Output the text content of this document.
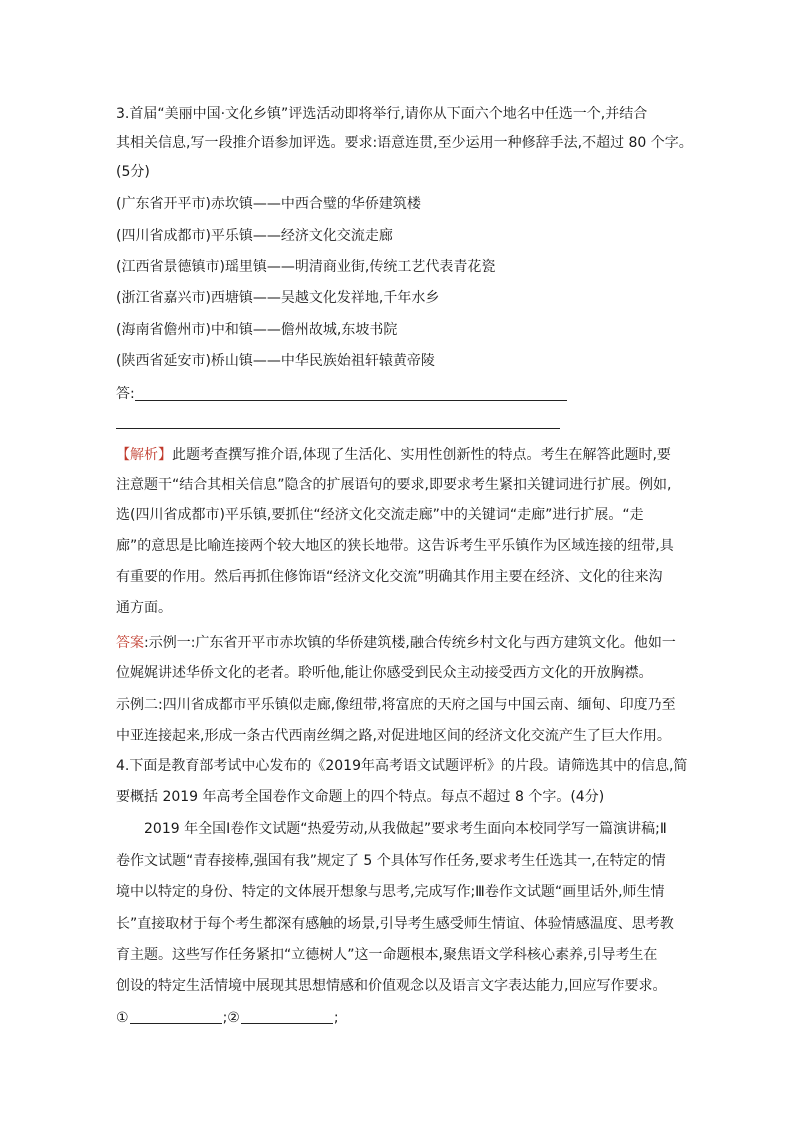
3.首届“美丽中国·文化乡镇”评选活动即将举行,请你从下面六个地名中任选一个,并结合
其相关信息,写一段推介语参加评选。要求:语意连贯,至少运用一种修辞手法,不超过 80 个字。
(5分)
(广东省开平市)赤坎镇——中西合璧的华侨建筑楼
(四川省成都市)平乐镇——经济文化交流走廊
(江西省景德镇市)瑶里镇——明清商业街,传统工艺代表青花瓷
(浙江省嘉兴市)西塘镇——吴越文化发祥地,千年水乡
(海南省儋州市)中和镇——儋州故城,东坡书院
(陕西省延安市)桥山镇——中华民族始祖轩辕黄帝陵
答:
【解析】此题考查撰写推介语,体现了生活化、实用性创新性的特点。考生在解答此题时,要
注意题干“结合其相关信息”隐含的扩展语句的要求,即要求考生紧扣关键词进行扩展。例如,
选(四川省成都市)平乐镇,要抓住“经济文化交流走廊”中的关键词“走廊”进行扩展。“走
廊”的意思是比喻连接两个较大地区的狭长地带。这告诉考生平乐镇作为区域连接的纽带,具
有重要的作用。然后再抓住修饰语“经济文化交流”明确其作用主要在经济、文化的往来沟
通方面。
答案:示例一:广东省开平市赤坎镇的华侨建筑楼,融合传统乡村文化与西方建筑文化。他如一
位娓娓讲述华侨文化的老者。聆听他,能让你感受到民众主动接受西方文化的开放胸襟。
示例二:四川省成都市平乐镇似走廊,像纽带,将富庶的天府之国与中国云南、缅甸、印度乃至
中亚连接起来,形成一条古代西南丝绸之路,对促进地区间的经济文化交流产生了巨大作用。
4.下面是教育部考试中心发布的《2019年高考语文试题评析》的片段。请筛选其中的信息,简
要概括 2019 年高考全国卷作文命题上的四个特点。每点不超过 8 个字。(4分)
2019 年全国Ⅰ卷作文试题“热爱劳动,从我做起”要求考生面向本校同学写一篇演讲稿;Ⅱ
卷作文试题“青春接棒,强国有我”规定了 5 个具体写作任务,要求考生任选其一,在特定的情
境中以特定的身份、特定的文体展开想象与思考,完成写作;Ⅲ卷作文试题“画里话外,师生情
长”直接取材于每个考生都深有感触的场景,引导考生感受师生情谊、体验情感温度、思考教
育主题。这些写作任务紧扣“立德树人”这一命题根本,聚焦语文学科核心素养,引导考生在
创设的特定生活情境中展现其思想情感和价值观念以及语言文字表达能力,回应写作要求。
①	;②	;
